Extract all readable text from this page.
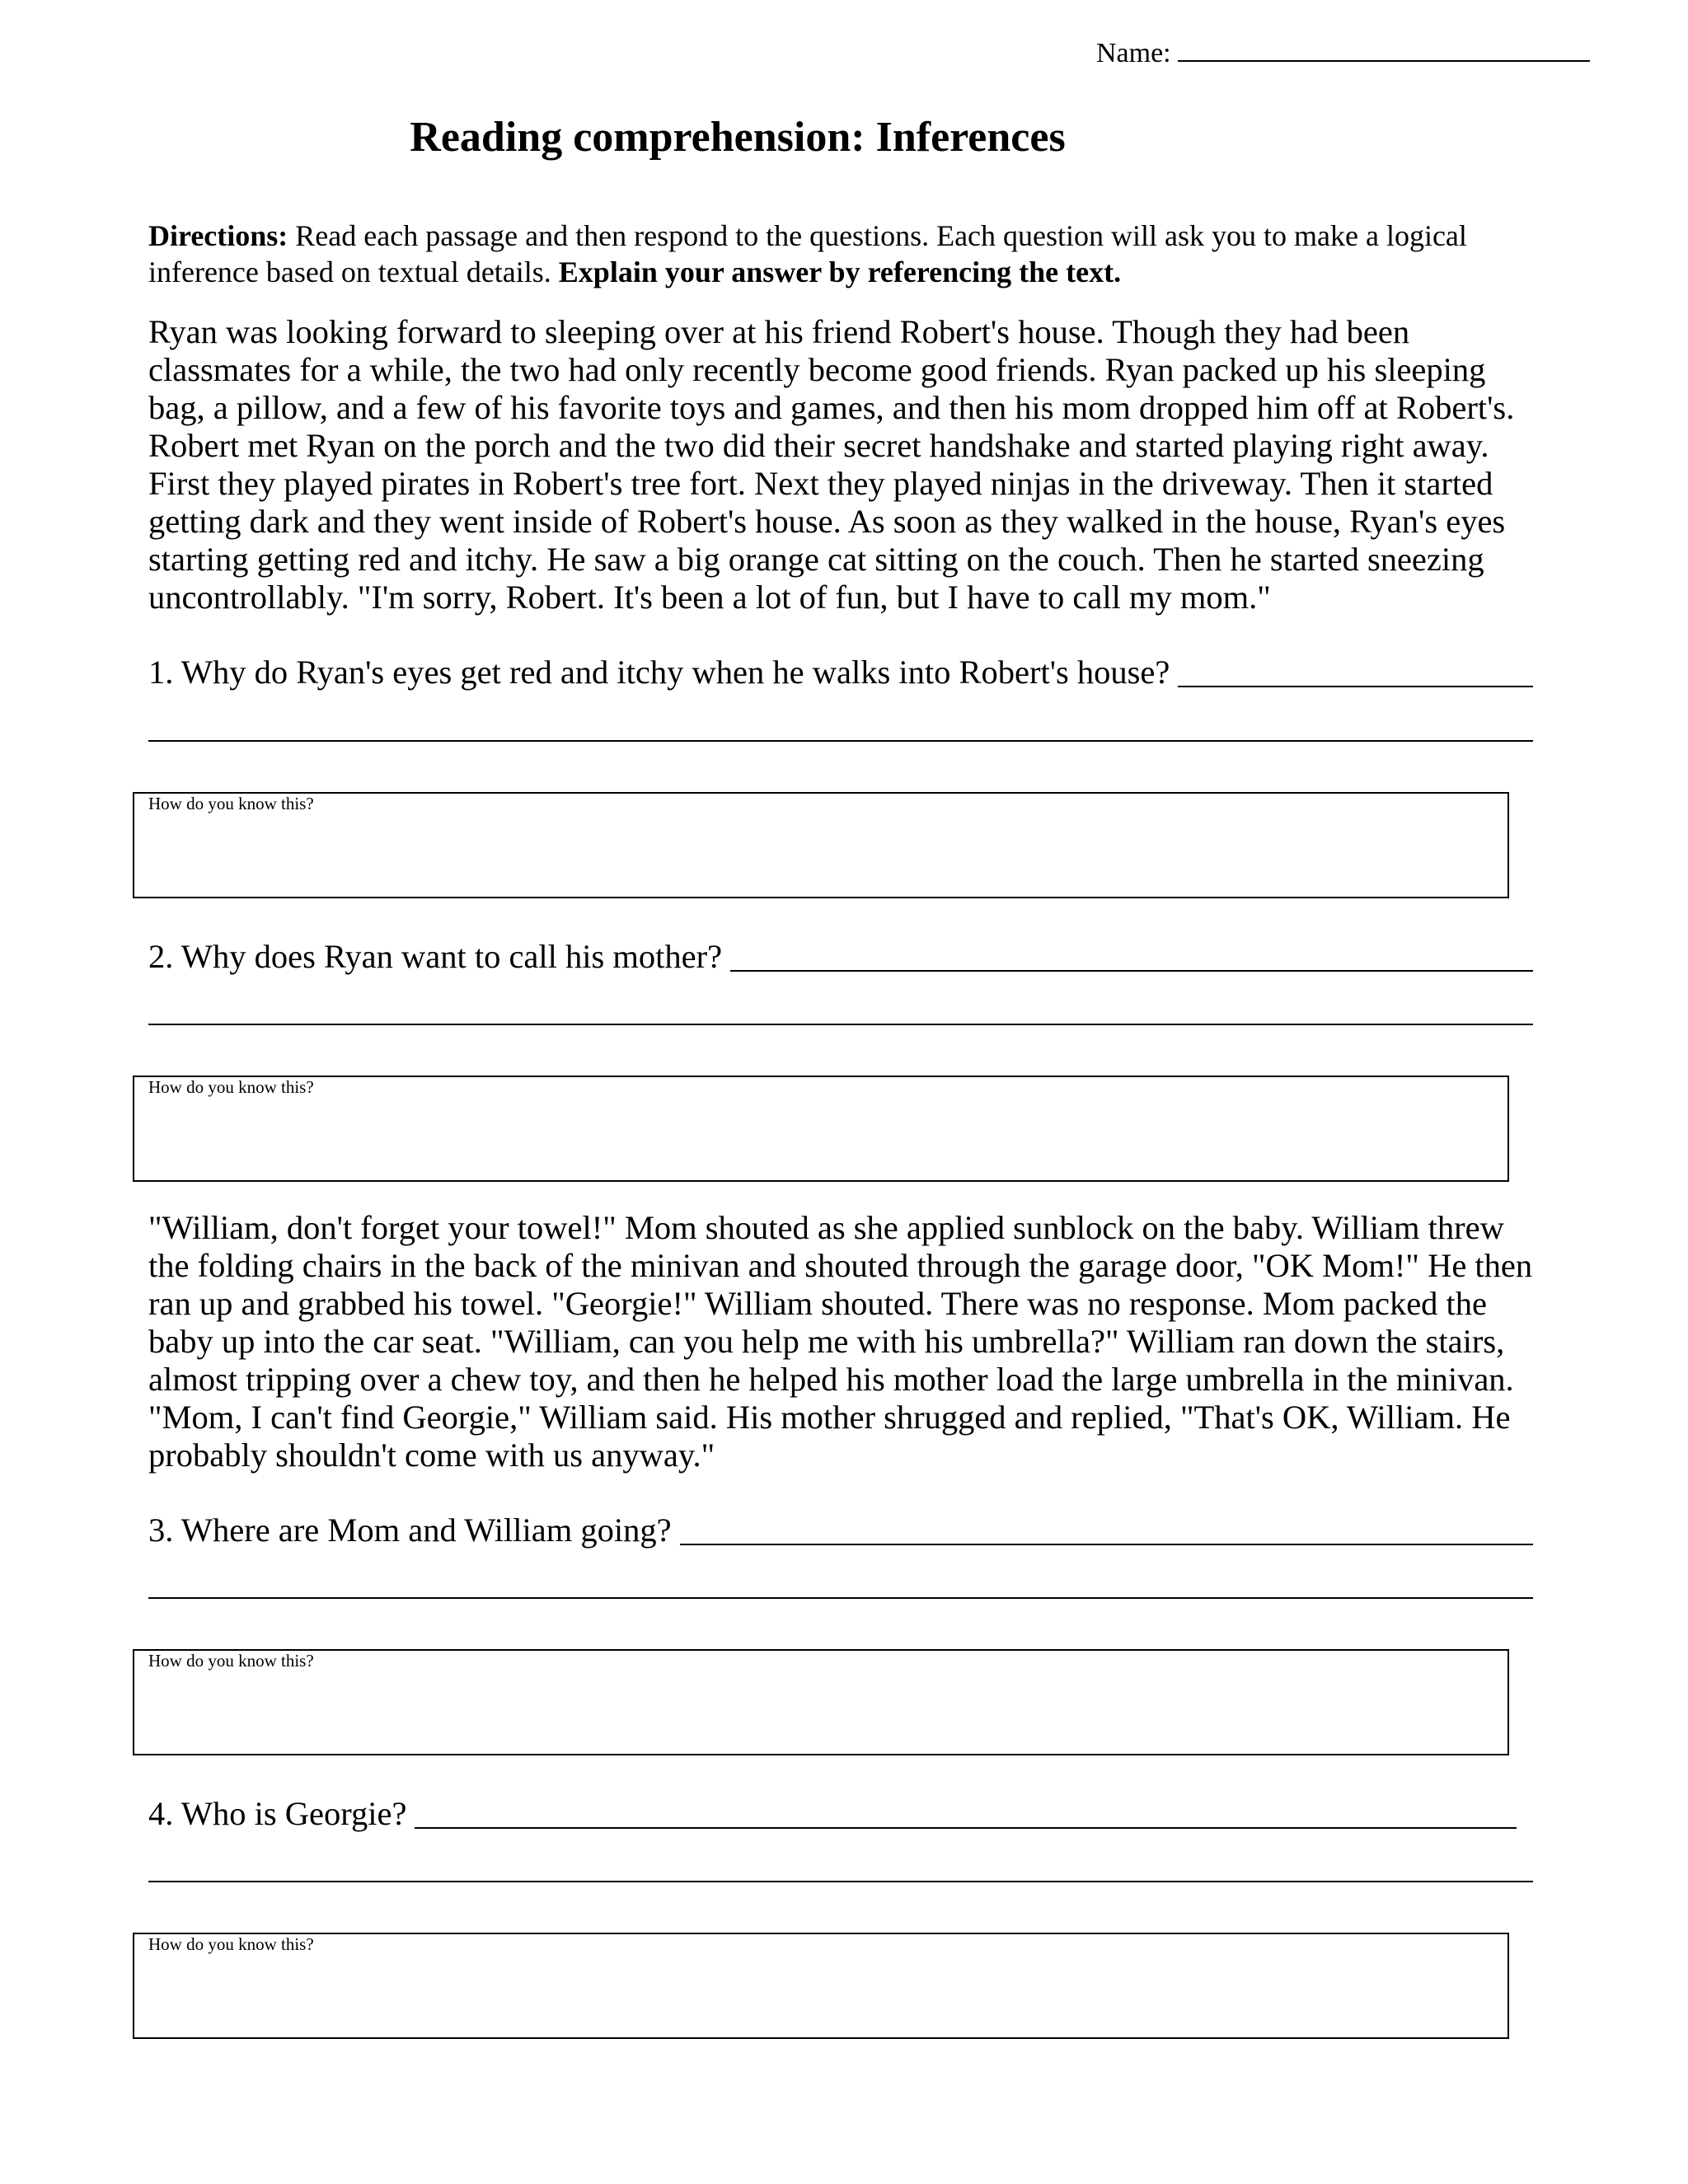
Name:
Reading comprehension: Inferences
Directions: Read each passage and then respond to the questions. Each question will ask you to make a logical inference based on textual details. Explain your answer by referencing the text.
Ryan was looking forward to sleeping over at his friend Robert's house. Though they had been classmates for a while, the two had only recently become good friends. Ryan packed up his sleeping bag, a pillow, and a few of his favorite toys and games, and then his mom dropped him off at Robert's. Robert met Ryan on the porch and the two did their secret handshake and started playing right away. First they played pirates in Robert's tree fort. Next they played ninjas in the driveway. Then it started getting dark and they went inside of Robert's house. As soon as they walked in the house, Ryan's eyes starting getting red and itchy. He saw a big orange cat sitting on the couch. Then he started sneezing uncontrollably. "I'm sorry, Robert. It's been a lot of fun, but I have to call my mom."
1. Why do Ryan's eyes get red and itchy when he walks into Robert's house?
How do you know this?
2. Why does Ryan want to call his mother?
How do you know this?
"William, don't forget your towel!" Mom shouted as she applied sunblock on the baby. William threw the folding chairs in the back of the minivan and shouted through the garage door, "OK Mom!" He then ran up and grabbed his towel. "Georgie!" William shouted. There was no response. Mom packed the baby up into the car seat. "William, can you help me with his umbrella?" William ran down the stairs, almost tripping over a chew toy, and then he helped his mother load the large umbrella in the minivan. "Mom, I can't find Georgie," William said. His mother shrugged and replied, "That's OK, William. He probably shouldn't come with us anyway."
3. Where are Mom and William going?
How do you know this?
4. Who is Georgie?
How do you know this?
